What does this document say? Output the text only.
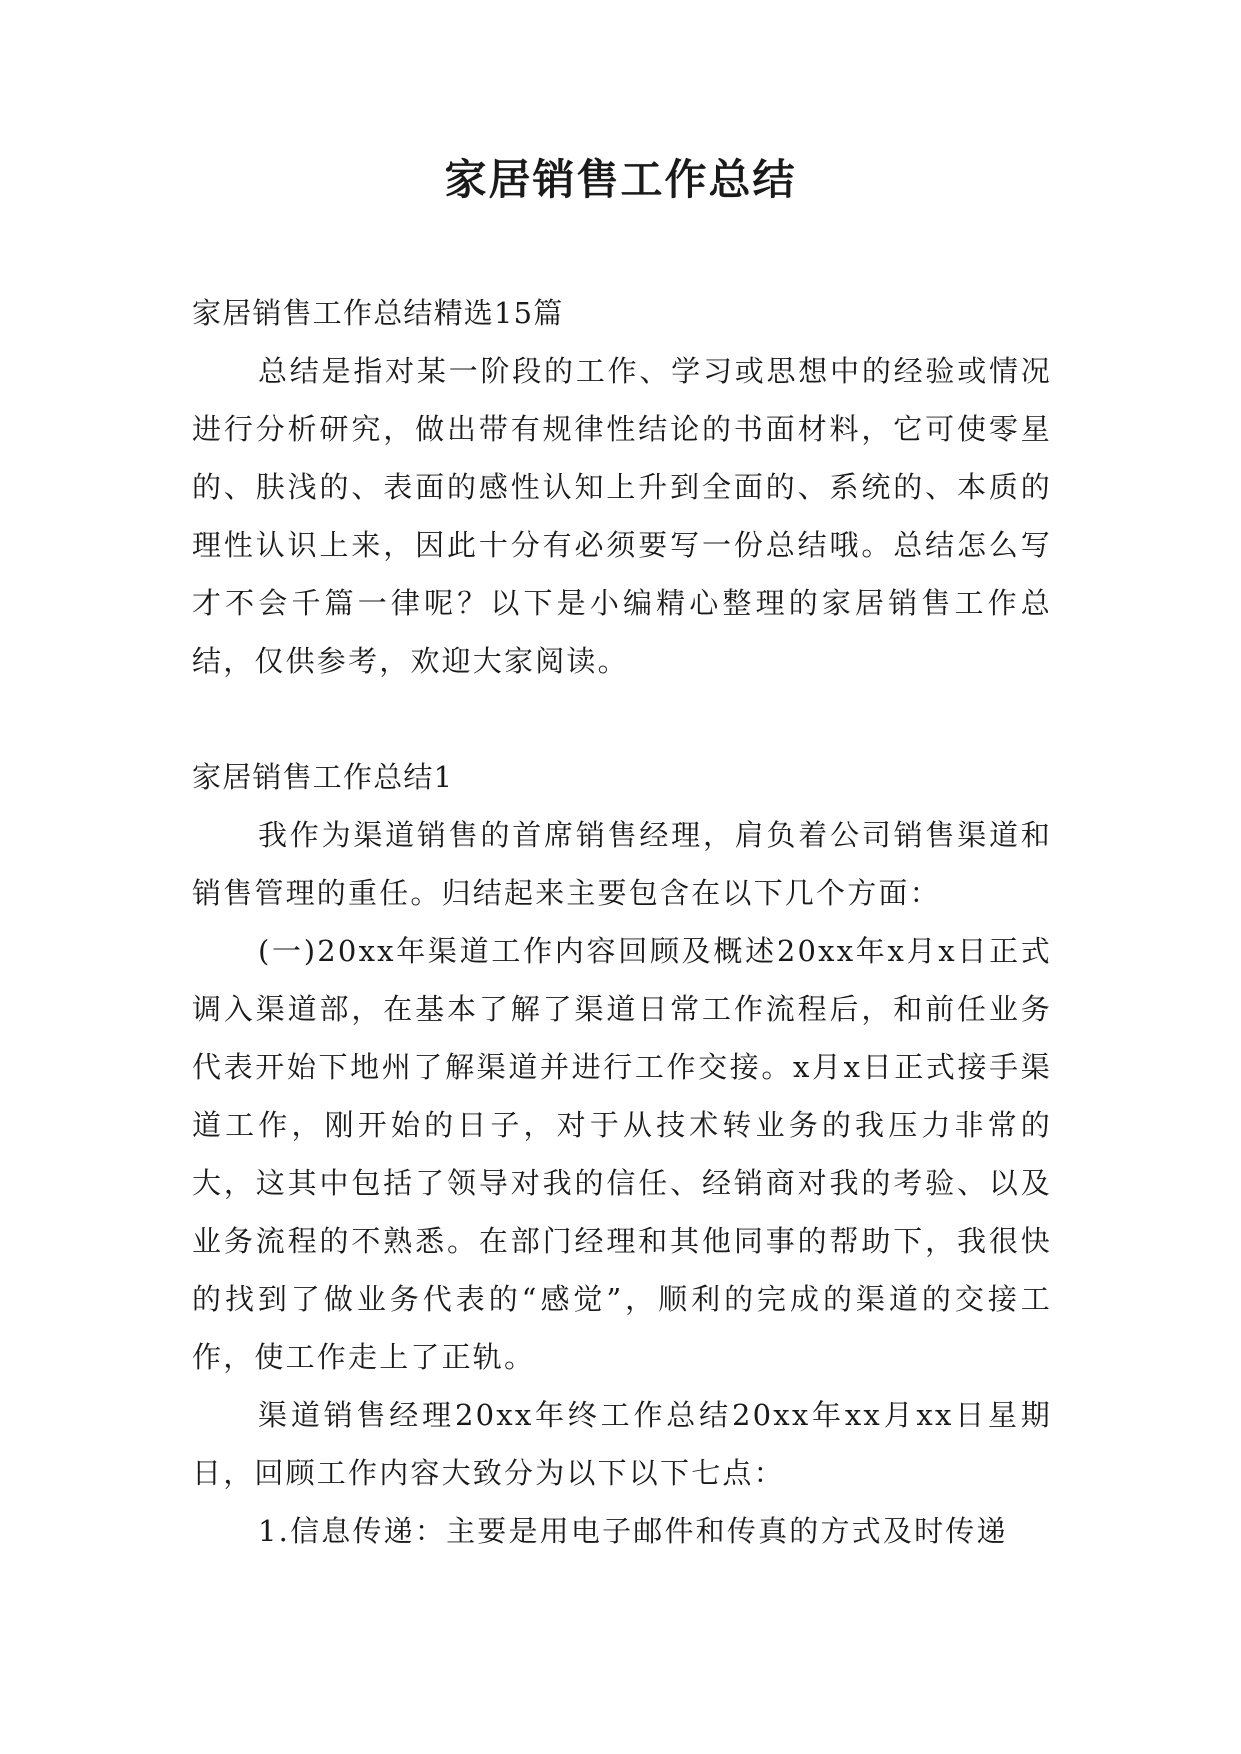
家居销售工作总结

家居销售工作总结精选15篇

总结是指对某一阶段的工作、学习或思想中的经验或情况进行分析研究，做出带有规律性结论的书面材料，它可使零星的、肤浅的、表面的感性认知上升到全面的、系统的、本质的理性认识上来，因此十分有必须要写一份总结哦。总结怎么写才不会千篇一律呢？以下是小编精心整理的家居销售工作总结，仅供参考，欢迎大家阅读。

家居销售工作总结1

我作为渠道销售的首席销售经理，肩负着公司销售渠道和销售管理的重任。归结起来主要包含在以下几个方面：

(一)20xx年渠道工作内容回顾及概述20xx年x月x日正式调入渠道部，在基本了解了渠道日常工作流程后，和前任业务代表开始下地州了解渠道并进行工作交接。x月x日正式接手渠道工作，刚开始的日子，对于从技术转业务的我压力非常的大，这其中包括了领导对我的信任、经销商对我的考验、以及业务流程的不熟悉。在部门经理和其他同事的帮助下，我很快的找到了做业务代表的“感觉”，顺利的完成的渠道的交接工作，使工作走上了正轨。

渠道销售经理20xx年终工作总结20xx年xx月xx日星期日，回顾工作内容大致分为以下以下七点：

1.信息传递：主要是用电子邮件和传真的方式及时传递
